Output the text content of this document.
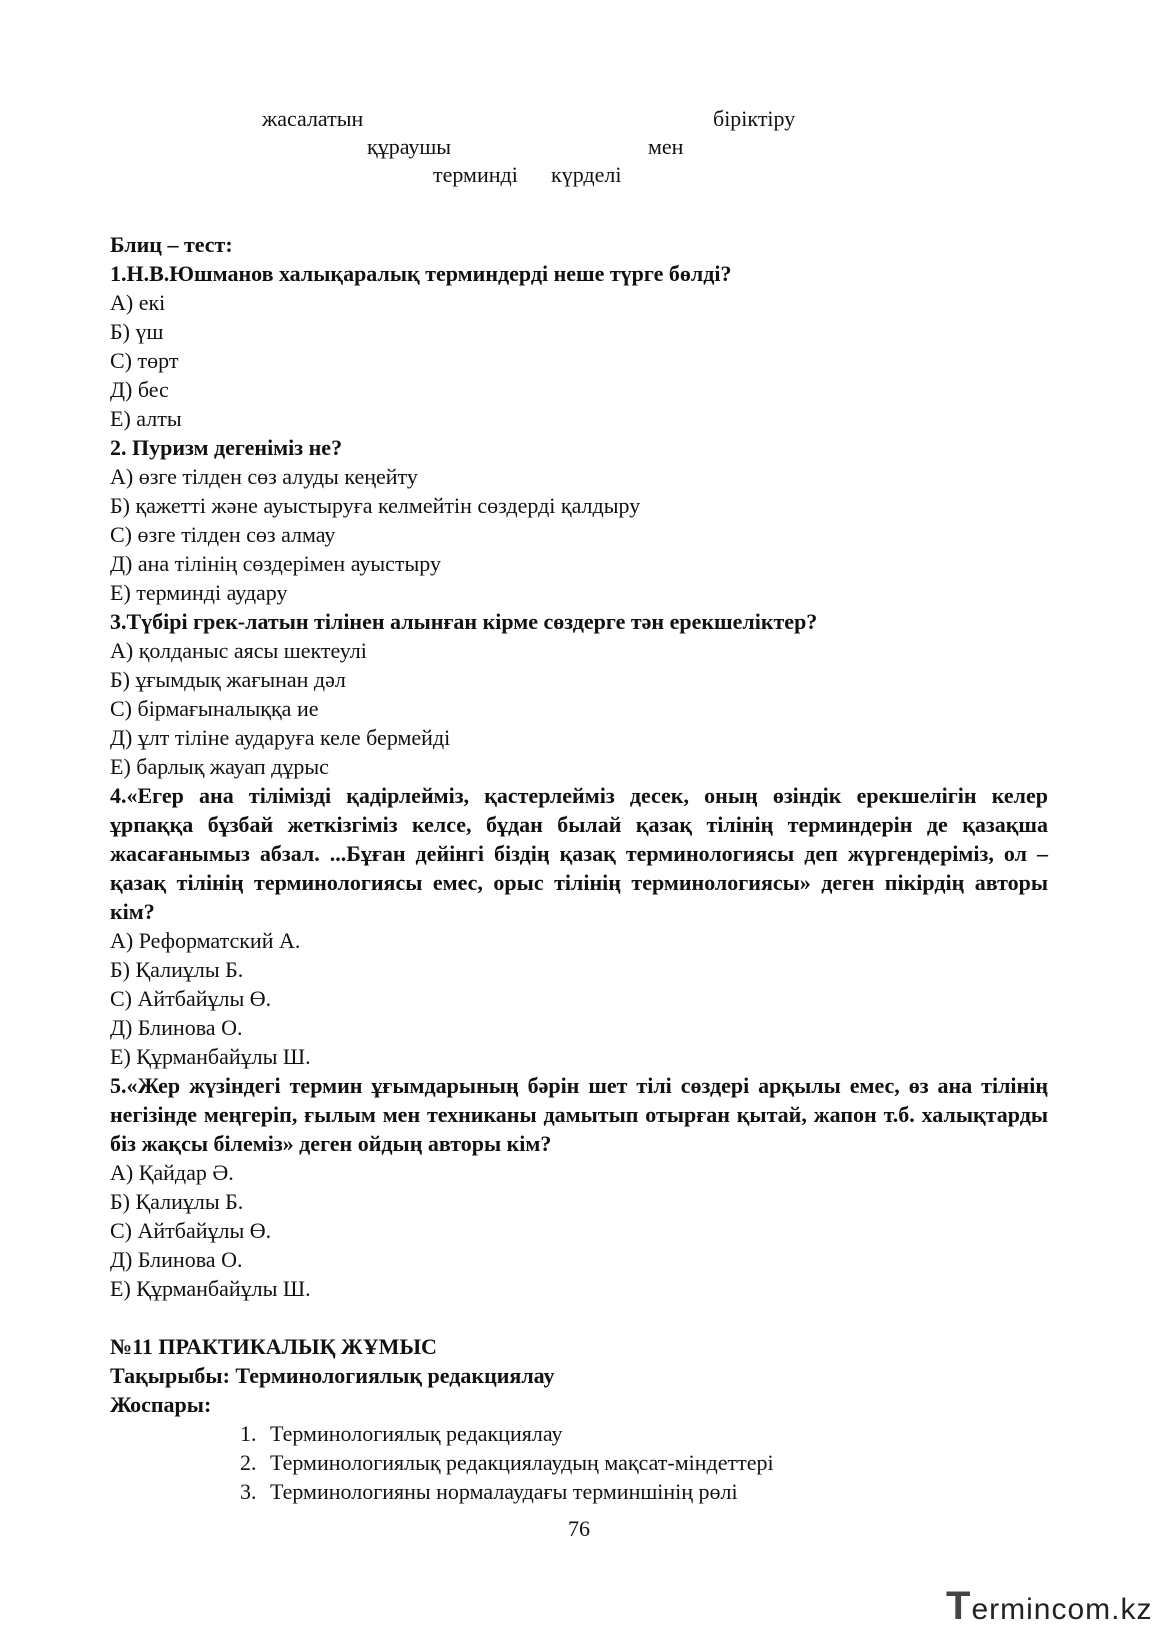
жасалатын	біріктіру
құраушы	мен
терминді күрделі
Блиц – тест:
1.Н.В.Юшманов халықаралық терминдерді неше түрге бөлді?
А) екі
Б) үш
С) төрт
Д) бес
Е) алты
2. Пуризм дегеніміз не?
А) өзге тілден сөз алуды кеңейту
Б) қажетті және ауыстыруға келмейтін сөздерді қалдыру
С) өзге тілден сөз алмау
Д) ана тілінің сөздерімен ауыстыру
Е) терминді аудару
3.Түбірі грек-латын тілінен алынған кірме сөздерге тән ерекшеліктер?
А) қолданыс аясы шектеулі
Б) ұғымдық жағынан дәл
С) бірмағыналыққа ие
Д) ұлт тіліне аударуға келе бермейді
Е) барлық жауап дұрыс
4.«Егер ана тілімізді қадірлейміз, қастерлейміз десек, оның өзіндік ерекшелігін келер ұрпаққа бұзбай жеткізгіміз келсе, бұдан былай қазақ тілінің терминдерін де қазақша жасағанымыз абзал. ...Бұған дейінгі біздің қазақ терминологиясы деп жүргендеріміз, ол – қазақ тілінің терминологиясы емес, орыс тілінің терминологиясы» деген пікірдің авторы кім?
А) Реформатский А.
Б) Қалиұлы Б.
С) Айтбайұлы Ө.
Д) Блинова О.
Е) Құрманбайұлы Ш.
5.«Жер жүзіндегі термин ұғымдарының бәрін шет тілі сөздері арқылы емес, өз ана тілінің негізінде меңгеріп, ғылым мен техниканы дамытып отырған қытай, жапон т.б. халықтарды біз жақсы білеміз» деген ойдың авторы кім?
А) Қайдар Ә.
Б) Қалиұлы Б.
С) Айтбайұлы Ө.
Д) Блинова О.
Е) Құрманбайұлы Ш.
№11 ПРАКТИКАЛЫҚ ЖҰМЫС
Тақырыбы: Терминологиялық редакциялау
Жоспары:
1. Терминологиялық редакциялау
2. Терминологиялық редакциялаудың мақсат-міндеттері
3. Терминологияны нормалаудағы терминшінің рөлі
76
Termincom.kz
